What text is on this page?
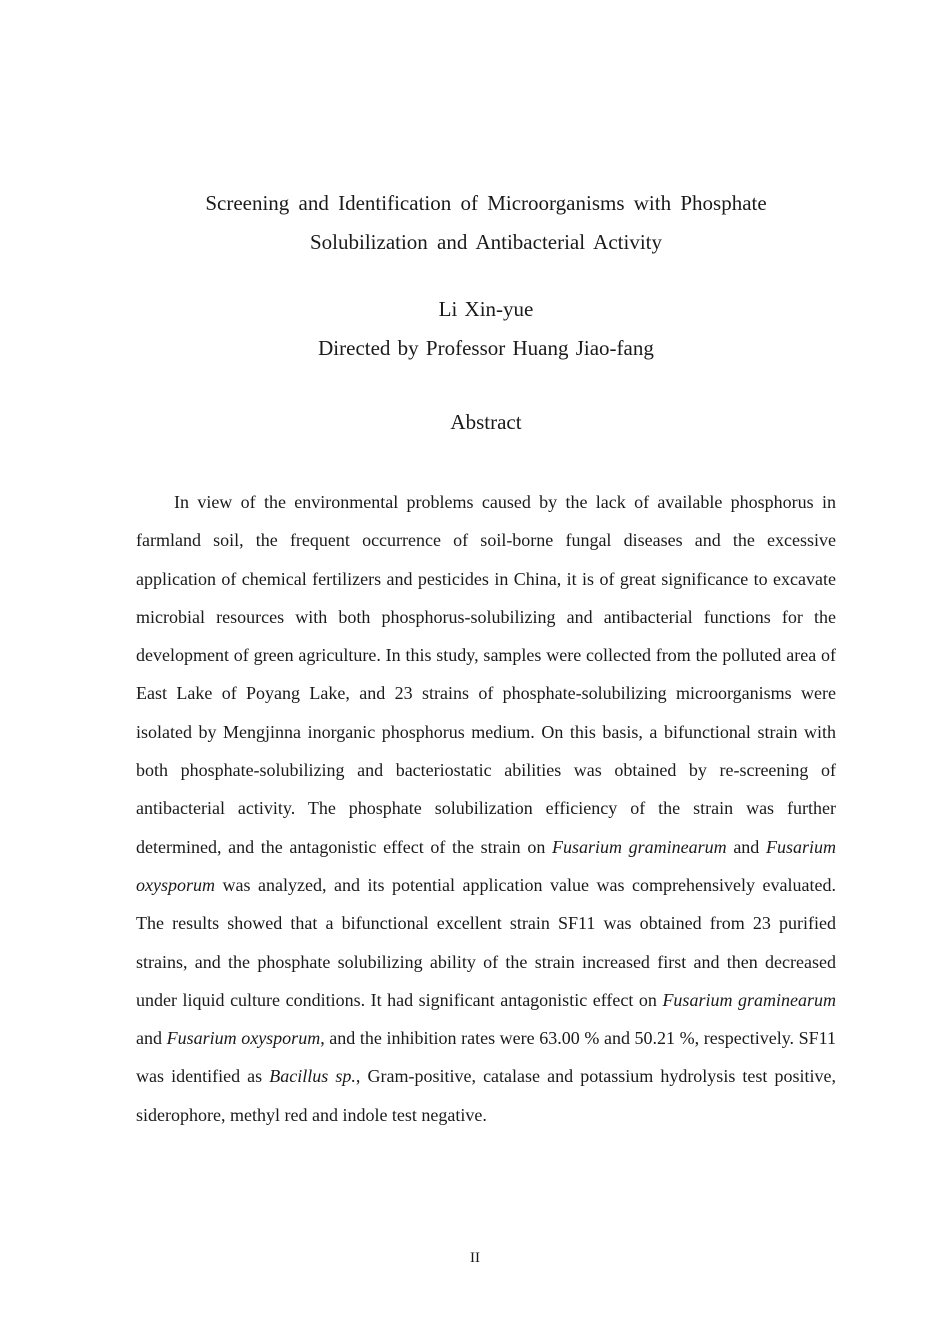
Screening and Identification of Microorganisms with Phosphate
Solubilization and Antibacterial Activity
Li Xin-yue
Directed by Professor Huang Jiao-fang
Abstract

In view of the environmental problems caused by the lack of available phosphorus in farmland soil, the frequent occurrence of soil-borne fungal diseases and the excessive application of chemical fertilizers and pesticides in China, it is of great significance to excavate microbial resources with both phosphorus-solubilizing and antibacterial functions for the development of green agriculture. In this study, samples were collected from the polluted area of East Lake of Poyang Lake, and 23 strains of phosphate-solubilizing microorganisms were isolated by Mengjinna inorganic phosphorus medium. On this basis, a bifunctional strain with both phosphate-solubilizing and bacteriostatic abilities was obtained by re-screening of antibacterial activity. The phosphate solubilization efficiency of the strain was further determined, and the antagonistic effect of the strain on Fusarium graminearum and Fusarium oxysporum was analyzed, and its potential application value was comprehensively evaluated. The results showed that a bifunctional excellent strain SF11 was obtained from 23 purified strains, and the phosphate solubilizing ability of the strain increased first and then decreased under liquid culture conditions. It had significant antagonistic effect on Fusarium graminearum and Fusarium oxysporum, and the inhibition rates were 63.00 % and 50.21 %, respectively. SF11 was identified as Bacillus sp., Gram-positive, catalase and potassium hydrolysis test positive, siderophore, methyl red and indole test negative.

II
